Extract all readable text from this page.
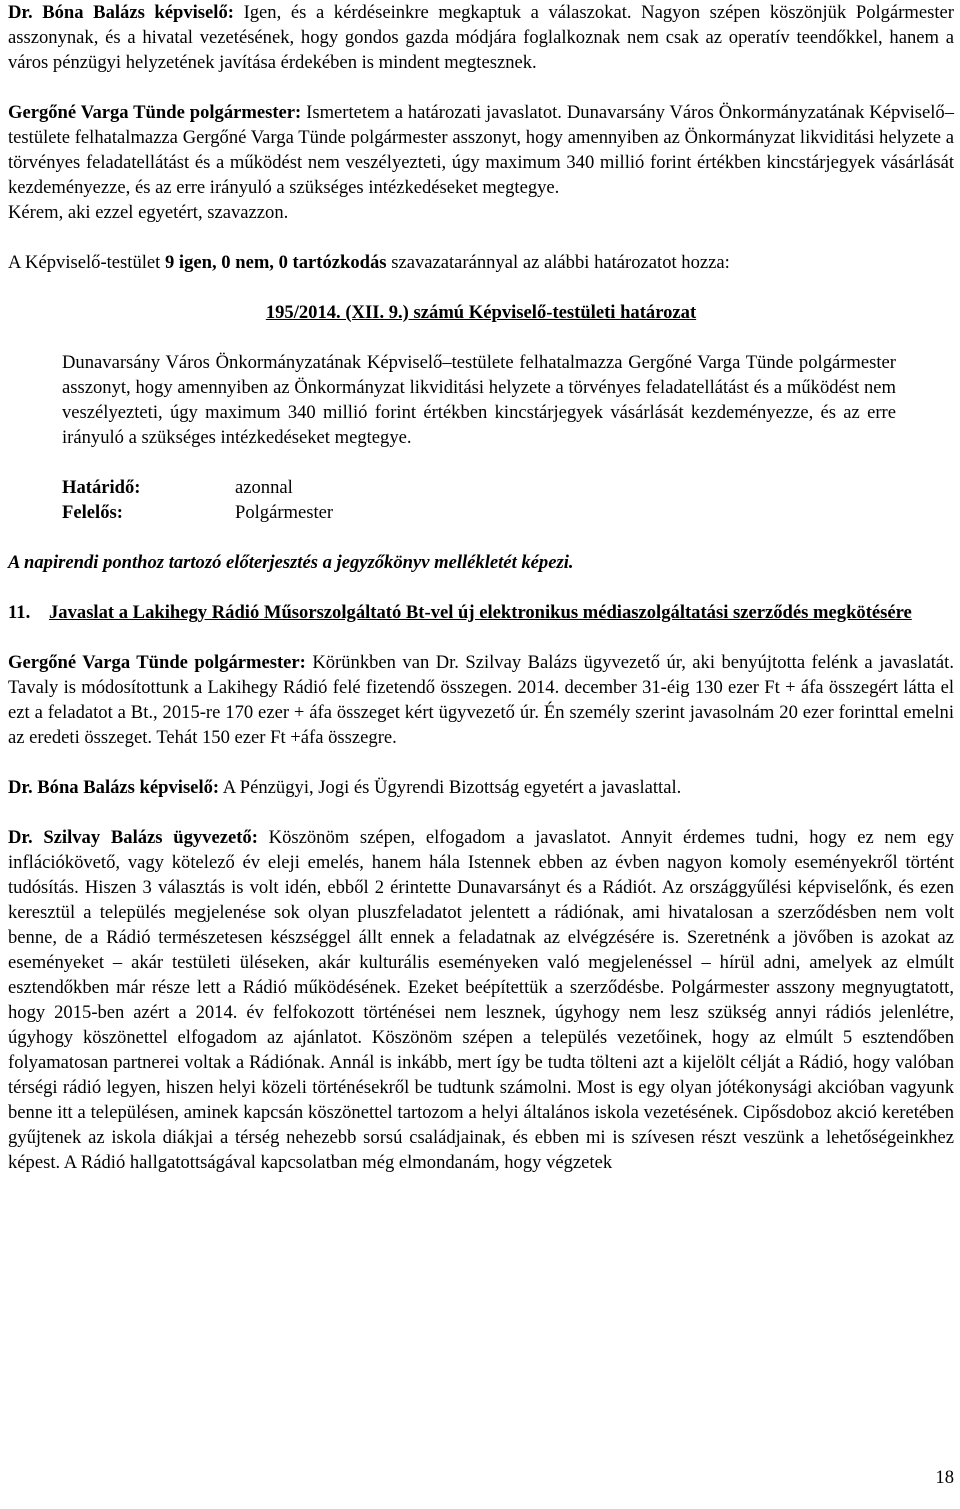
Dr. Bóna Balázs képviselő: Igen, és a kérdéseinkre megkaptuk a válaszokat. Nagyon szépen köszönjük Polgármester asszonynak, és a hivatal vezetésének, hogy gondos gazda módjára foglalkoznak nem csak az operatív teendőkkel, hanem a város pénzügyi helyzetének javítása érdekében is mindent megtesznek.

Gergőné Varga Tünde polgármester: Ismertetem a határozati javaslatot. Dunavarsány Város Önkormányzatának Képviselő–testülete felhatalmazza Gergőné Varga Tünde polgármester asszonyt, hogy amennyiben az Önkormányzat likviditási helyzete a törvényes feladatellátást és a működést nem veszélyezteti, úgy maximum 340 millió forint értékben kincstárjegyek vásárlását kezdeményezze, és az erre irányuló a szükséges intézkedéseket megtegye.

Kérem, aki ezzel egyetért, szavazzon.

A Képviselő-testület 9 igen, 0 nem, 0 tartózkodás szavazataránnyal az alábbi határozatot hozza:

195/2014. (XII. 9.) számú Képviselő-testületi határozat

Dunavarsány Város Önkormányzatának Képviselő–testülete felhatalmazza Gergőné Varga Tünde polgármester asszonyt, hogy amennyiben az Önkormányzat likviditási helyzete a törvényes feladatellátást és a működést nem veszélyezteti, úgy maximum 340 millió forint értékben kincstárjegyek vásárlását kezdeményezze, és az erre irányuló a szükséges intézkedéseket megtegye.

Határidő:	azonnal
Felelős:	Polgármester

A napirendi ponthoz tartozó előterjesztés a jegyzőkönyv mellékletét képezi.

11.	Javaslat a Lakihegy Rádió Műsorszolgáltató Bt-vel új elektronikus médiaszolgáltatási szerződés megkötésére

Gergőné Varga Tünde polgármester: Körünkben van Dr. Szilvay Balázs ügyvezető úr, aki benyújtotta felénk a javaslatát. Tavaly is módosítottunk a Lakihegy Rádió felé fizetendő összegen. 2014. december 31-éig 130 ezer Ft + áfa összegért látta el ezt a feladatot a Bt., 2015-re 170 ezer + áfa összeget kért ügyvezető úr. Én személy szerint javasolnám 20 ezer forinttal emelni az eredeti összeget. Tehát 150 ezer Ft +áfa összegre.

Dr. Bóna Balázs képviselő: A Pénzügyi, Jogi és Ügyrendi Bizottság egyetért a javaslattal.

Dr. Szilvay Balázs ügyvezető: Köszönöm szépen, elfogadom a javaslatot. Annyit érdemes tudni, hogy ez nem egy inflációkövető, vagy kötelező év eleji emelés, hanem hála Istennek ebben az évben nagyon komoly eseményekről történt tudósítás. Hiszen 3 választás is volt idén, ebből 2 érintette Dunavarsányt és a Rádiót. Az országgyűlési képviselőnk, és ezen keresztül a település megjelenése sok olyan pluszfeladatot jelentett a rádiónak, ami hivatalosan a szerződésben nem volt benne, de a Rádió természetesen készséggel állt ennek a feladatnak az elvégzésére is. Szeretnénk a jövőben is azokat az eseményeket – akár testületi üléseken, akár kulturális eseményeken való megjelenéssel – hírül adni, amelyek az elmúlt esztendőkben már része lett a Rádió működésének. Ezeket beépítettük a szerződésbe. Polgármester asszony megnyugtatott, hogy 2015-ben azért a 2014. év felfokozott történései nem lesznek, úgyhogy nem lesz szükség annyi rádiós jelenlétre, úgyhogy köszönettel elfogadom az ajánlatot. Köszönöm szépen a település vezetőinek, hogy az elmúlt 5 esztendőben folyamatosan partnerei voltak a Rádiónak. Annál is inkább, mert így be tudta tölteni azt a kijelölt célját a Rádió, hogy valóban térségi rádió legyen, hiszen helyi közeli történésekről be tudtunk számolni. Most is egy olyan jótékonysági akcióban vagyunk benne itt a településen, aminek kapcsán köszönettel tartozom a helyi általános iskola vezetésének. Cipősdoboz akció keretében gyűjtenek az iskola diákjai a térség nehezebb sorsú családjainak, és ebben mi is szívesen részt veszünk a lehetőségeinkhez képest. A Rádió hallgatottságával kapcsolatban még elmondanám, hogy végzetek

18
